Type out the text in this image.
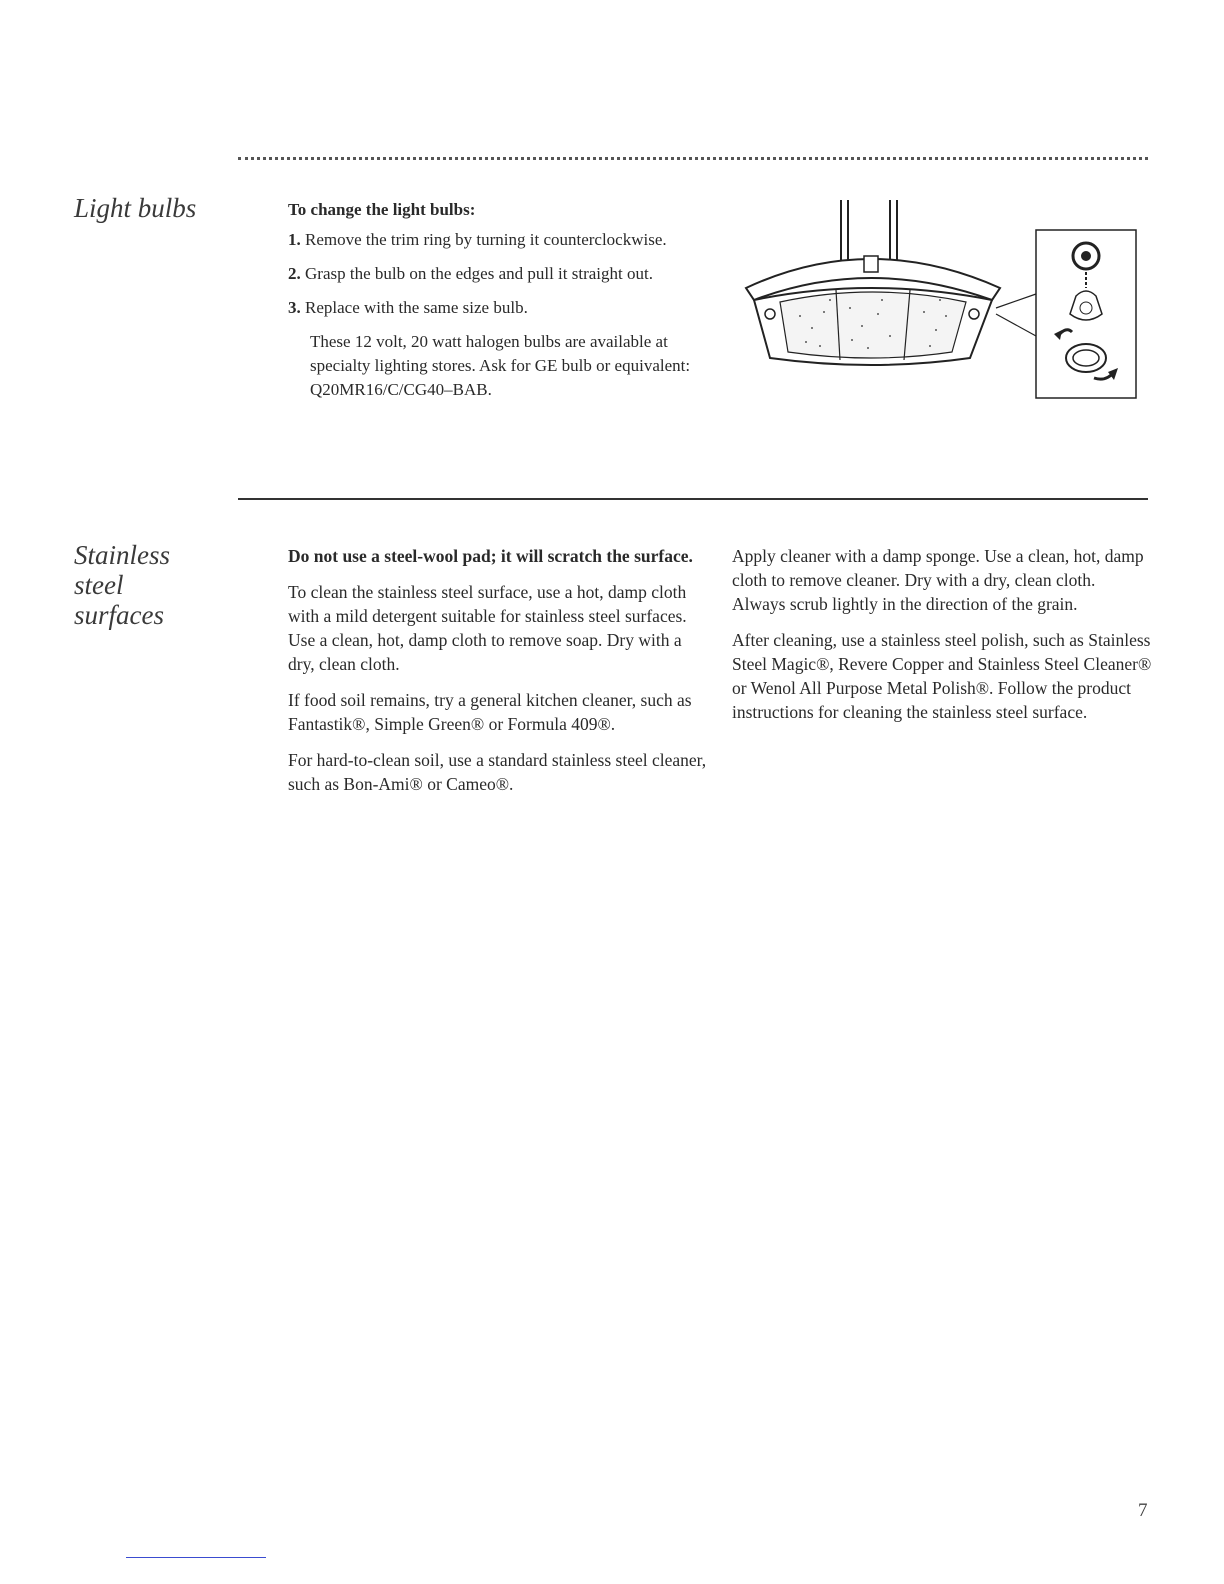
Light bulbs	To change the light bulbs:

1. Remove the trim ring by turning it counterclockwise.

2. Grasp the bulb on the edges and pull it straight out.

3. Replace with the same size bulb.

These 12 volt, 20 watt halogen bulbs are available at specialty lighting stores. Ask for GE bulb or equivalent: Q20MR16/C/CG40–BAB.

Stainless
steel
surfaces

Do not use a steel-wool pad; it will scratch the surface.

To clean the stainless steel surface, use a hot, damp cloth with a mild detergent suitable for stainless steel surfaces. Use a clean, hot, damp cloth to remove soap. Dry with a dry, clean cloth.

If food soil remains, try a general kitchen cleaner, such as Fantastik®, Simple Green® or Formula 409®.

For hard-to-clean soil, use a standard stainless steel cleaner, such as Bon-Ami® or Cameo®.

Apply cleaner with a damp sponge. Use a clean, hot, damp cloth to remove cleaner. Dry with a dry, clean cloth. Always scrub lightly in the direction of the grain.

After cleaning, use a stainless steel polish, such as Stainless Steel Magic®, Revere Copper and Stainless Steel Cleaner® or Wenol All Purpose Metal Polish®. Follow the product instructions for cleaning the stainless steel surface.

7
